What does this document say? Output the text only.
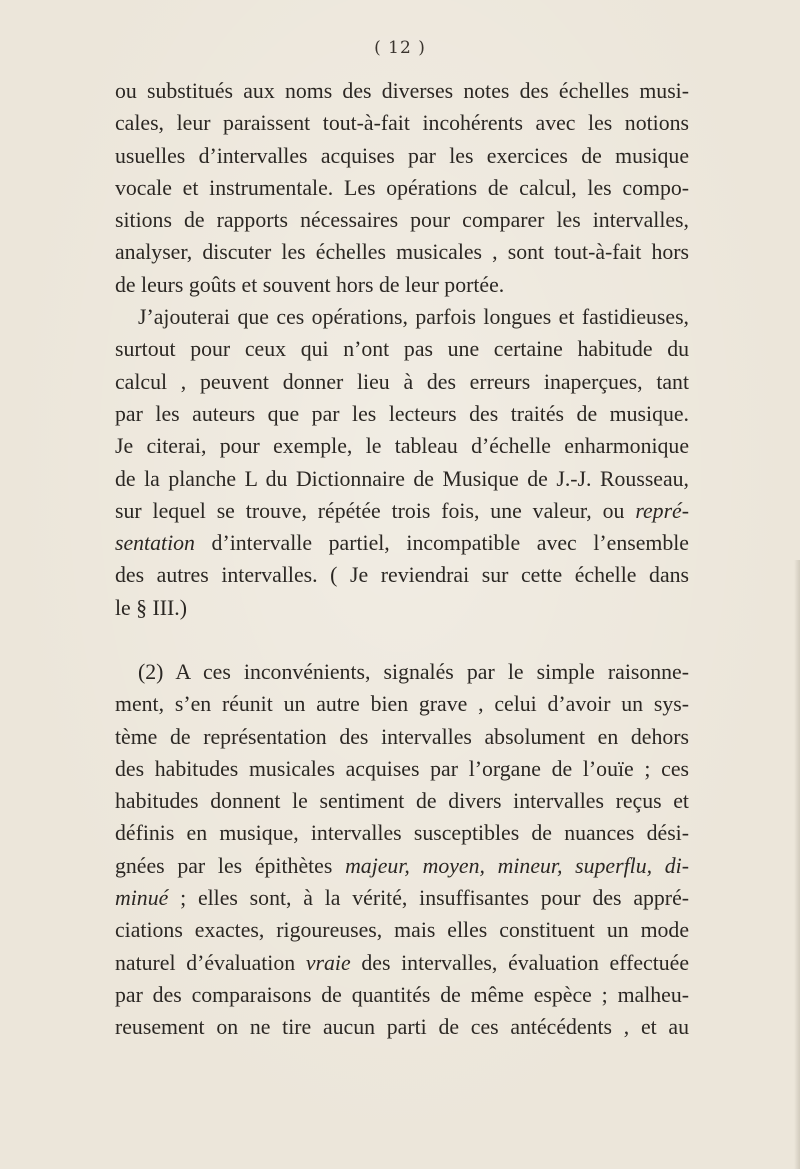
( 12 )
ou substitués aux noms des diverses notes des échelles musi-
cales, leur paraissent tout-à-fait incohérents avec les notions
usuelles d’intervalles acquises par les exercices de musique
vocale et instrumentale. Les opérations de calcul, les compo-
sitions de rapports nécessaires pour comparer les intervalles,
analyser, discuter les échelles musicales , sont tout-à-fait hors
de leurs goûts et souvent hors de leur portée.
J’ajouterai que ces opérations, parfois longues et fastidieuses,
surtout pour ceux qui n’ont pas une certaine habitude du
calcul , peuvent donner lieu à des erreurs inaperçues, tant
par les auteurs que par les lecteurs des traités de musique.
Je citerai, pour exemple, le tableau d’échelle enharmonique
de la planche L du Dictionnaire de Musique de J.-J. Rousseau,
sur lequel se trouve, répétée trois fois, une valeur, ou repré-
sentation d’intervalle partiel, incompatible avec l’ensemble
des autres intervalles. ( Je reviendrai sur cette échelle dans
le § III.)
(2) A ces inconvénients, signalés par le simple raisonne-
ment, s’en réunit un autre bien grave , celui d’avoir un sys-
tème de représentation des intervalles absolument en dehors
des habitudes musicales acquises par l’organe de l’ouïe ; ces
habitudes donnent le sentiment de divers intervalles reçus et
définis en musique, intervalles susceptibles de nuances dési-
gnées par les épithètes majeur, moyen, mineur, superflu, di-
minué ; elles sont, à la vérité, insuffisantes pour des appré-
ciations exactes, rigoureuses, mais elles constituent un mode
naturel d’évaluation vraie des intervalles, évaluation effectuée
par des comparaisons de quantités de même espèce ; malheu-
reusement on ne tire aucun parti de ces antécédents , et au
